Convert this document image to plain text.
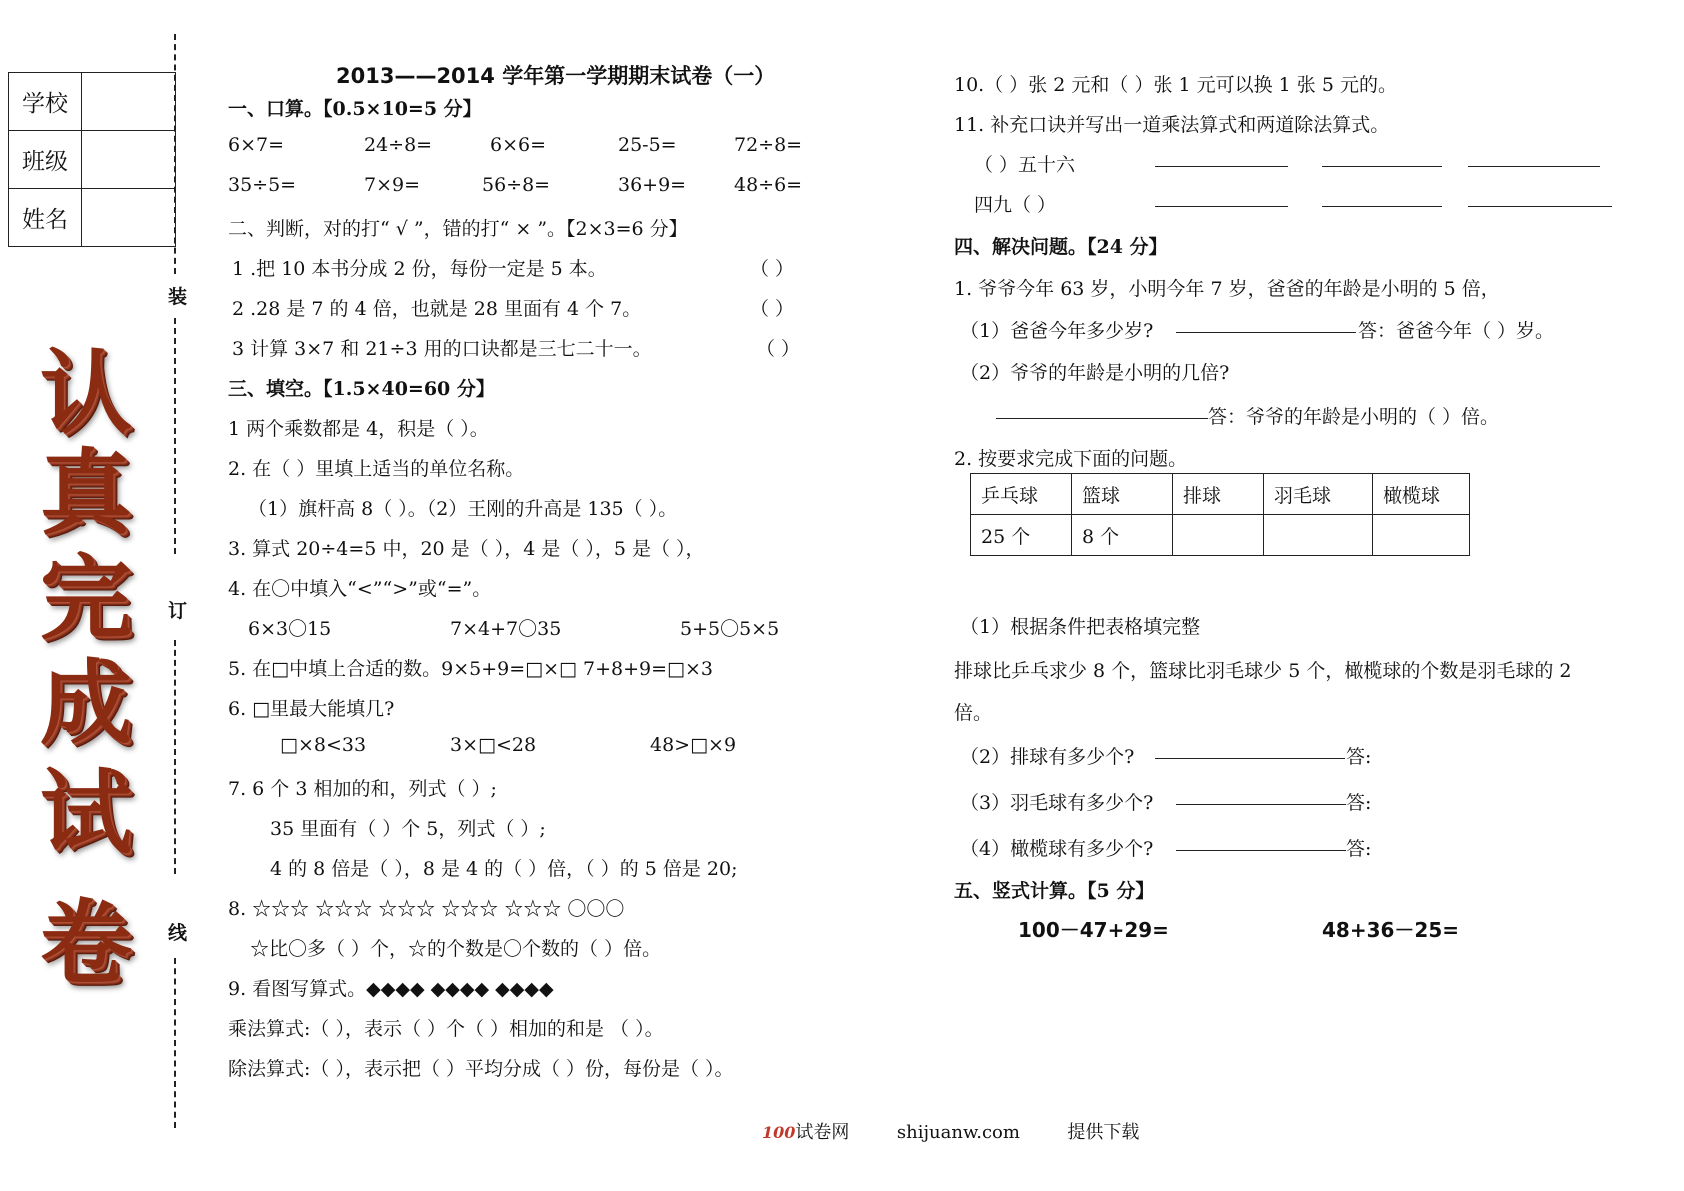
学校	
班级	
姓名	
装
订
线
认
真
完
成
试
卷
2013——2014 学年第一学期期末试卷（一）
一、口算。【0.5×10=5 分】
6×7=	24÷8=	6×6=	25-5=	72÷8=
35÷5=	7×9=	56÷8=	36+9=	48÷6=
二、判断，对的打“ √ ”，错的打“ × ”。【2×3=6 分】
1 .把 10 本书分成 2 份，每份一定是 5 本。	（ ）
2 .28 是 7 的 4 倍，也就是 28 里面有 4 个 7。	（ ）
3 计算 3×7 和 21÷3 用的口诀都是三七二十一。	（ ）
三、填空。【1.5×40=60 分】
1 两个乘数都是 4，积是（ ）。
2. 在（ ）里填上适当的单位名称。
（1）旗杆高 8（ ）。（2）王刚的升高是 135（ ）。
3. 算式 20÷4=5 中，20 是（ ），4 是（ ），5 是（ ），
4. 在〇中填入“<”“>”或“=”。
6×3〇15	7×4+7〇35	5+5〇5×5
5. 在□中填上合适的数。9×5+9=□×□ 7+8+9=□×3
6. □里最大能填几?
□×8<33	3×□<28	48>□×9
7. 6 个 3 相加的和，列式（ ）;
35 里面有（ ）个 5，列式（ ）;
4 的 8 倍是（ ），8 是 4 的（ ）倍，（ ）的 5 倍是 20;
8. ☆☆☆ ☆☆☆ ☆☆☆ ☆☆☆ ☆☆☆ 〇〇〇
☆比〇多（ ）个，☆的个数是〇个数的（ ）倍。
9. 看图写算式。◆◆◆◆ ◆◆◆◆ ◆◆◆◆
乘法算式:（ ），表示（ ）个（ ）相加的和是 （ ）。
除法算式:（ ），表示把（ ）平均分成（ ）份，每份是（ ）。
10.（ ）张 2 元和（ ）张 1 元可以换 1 张 5 元的。
11. 补充口诀并写出一道乘法算式和两道除法算式。
（ ）五十六
四九（ ）
四、解决问题。【24 分】
1. 爷爷今年 63 岁，小明今年 7 岁，爸爸的年龄是小明的 5 倍，
（1）爸爸今年多少岁?	答：爸爸今年（ ）岁。
（2）爷爷的年龄是小明的几倍?
答：爷爷的年龄是小明的（ ）倍。
2. 按要求完成下面的问题。
乒乓球	篮球	排球	羽毛球	橄榄球
25 个	8 个			
（1）根据条件把表格填完整
排球比乒乓求少 8 个，篮球比羽毛球少 5 个，橄榄球的个数是羽毛球的 2
倍。
（2）排球有多少个?	答:
（3）羽毛球有多少个?	答:
（4）橄榄球有多少个?	答:
五、竖式计算。【5 分】
100－47+29=	48+36－25=
100试卷网	shijuanw.com	提供下载
